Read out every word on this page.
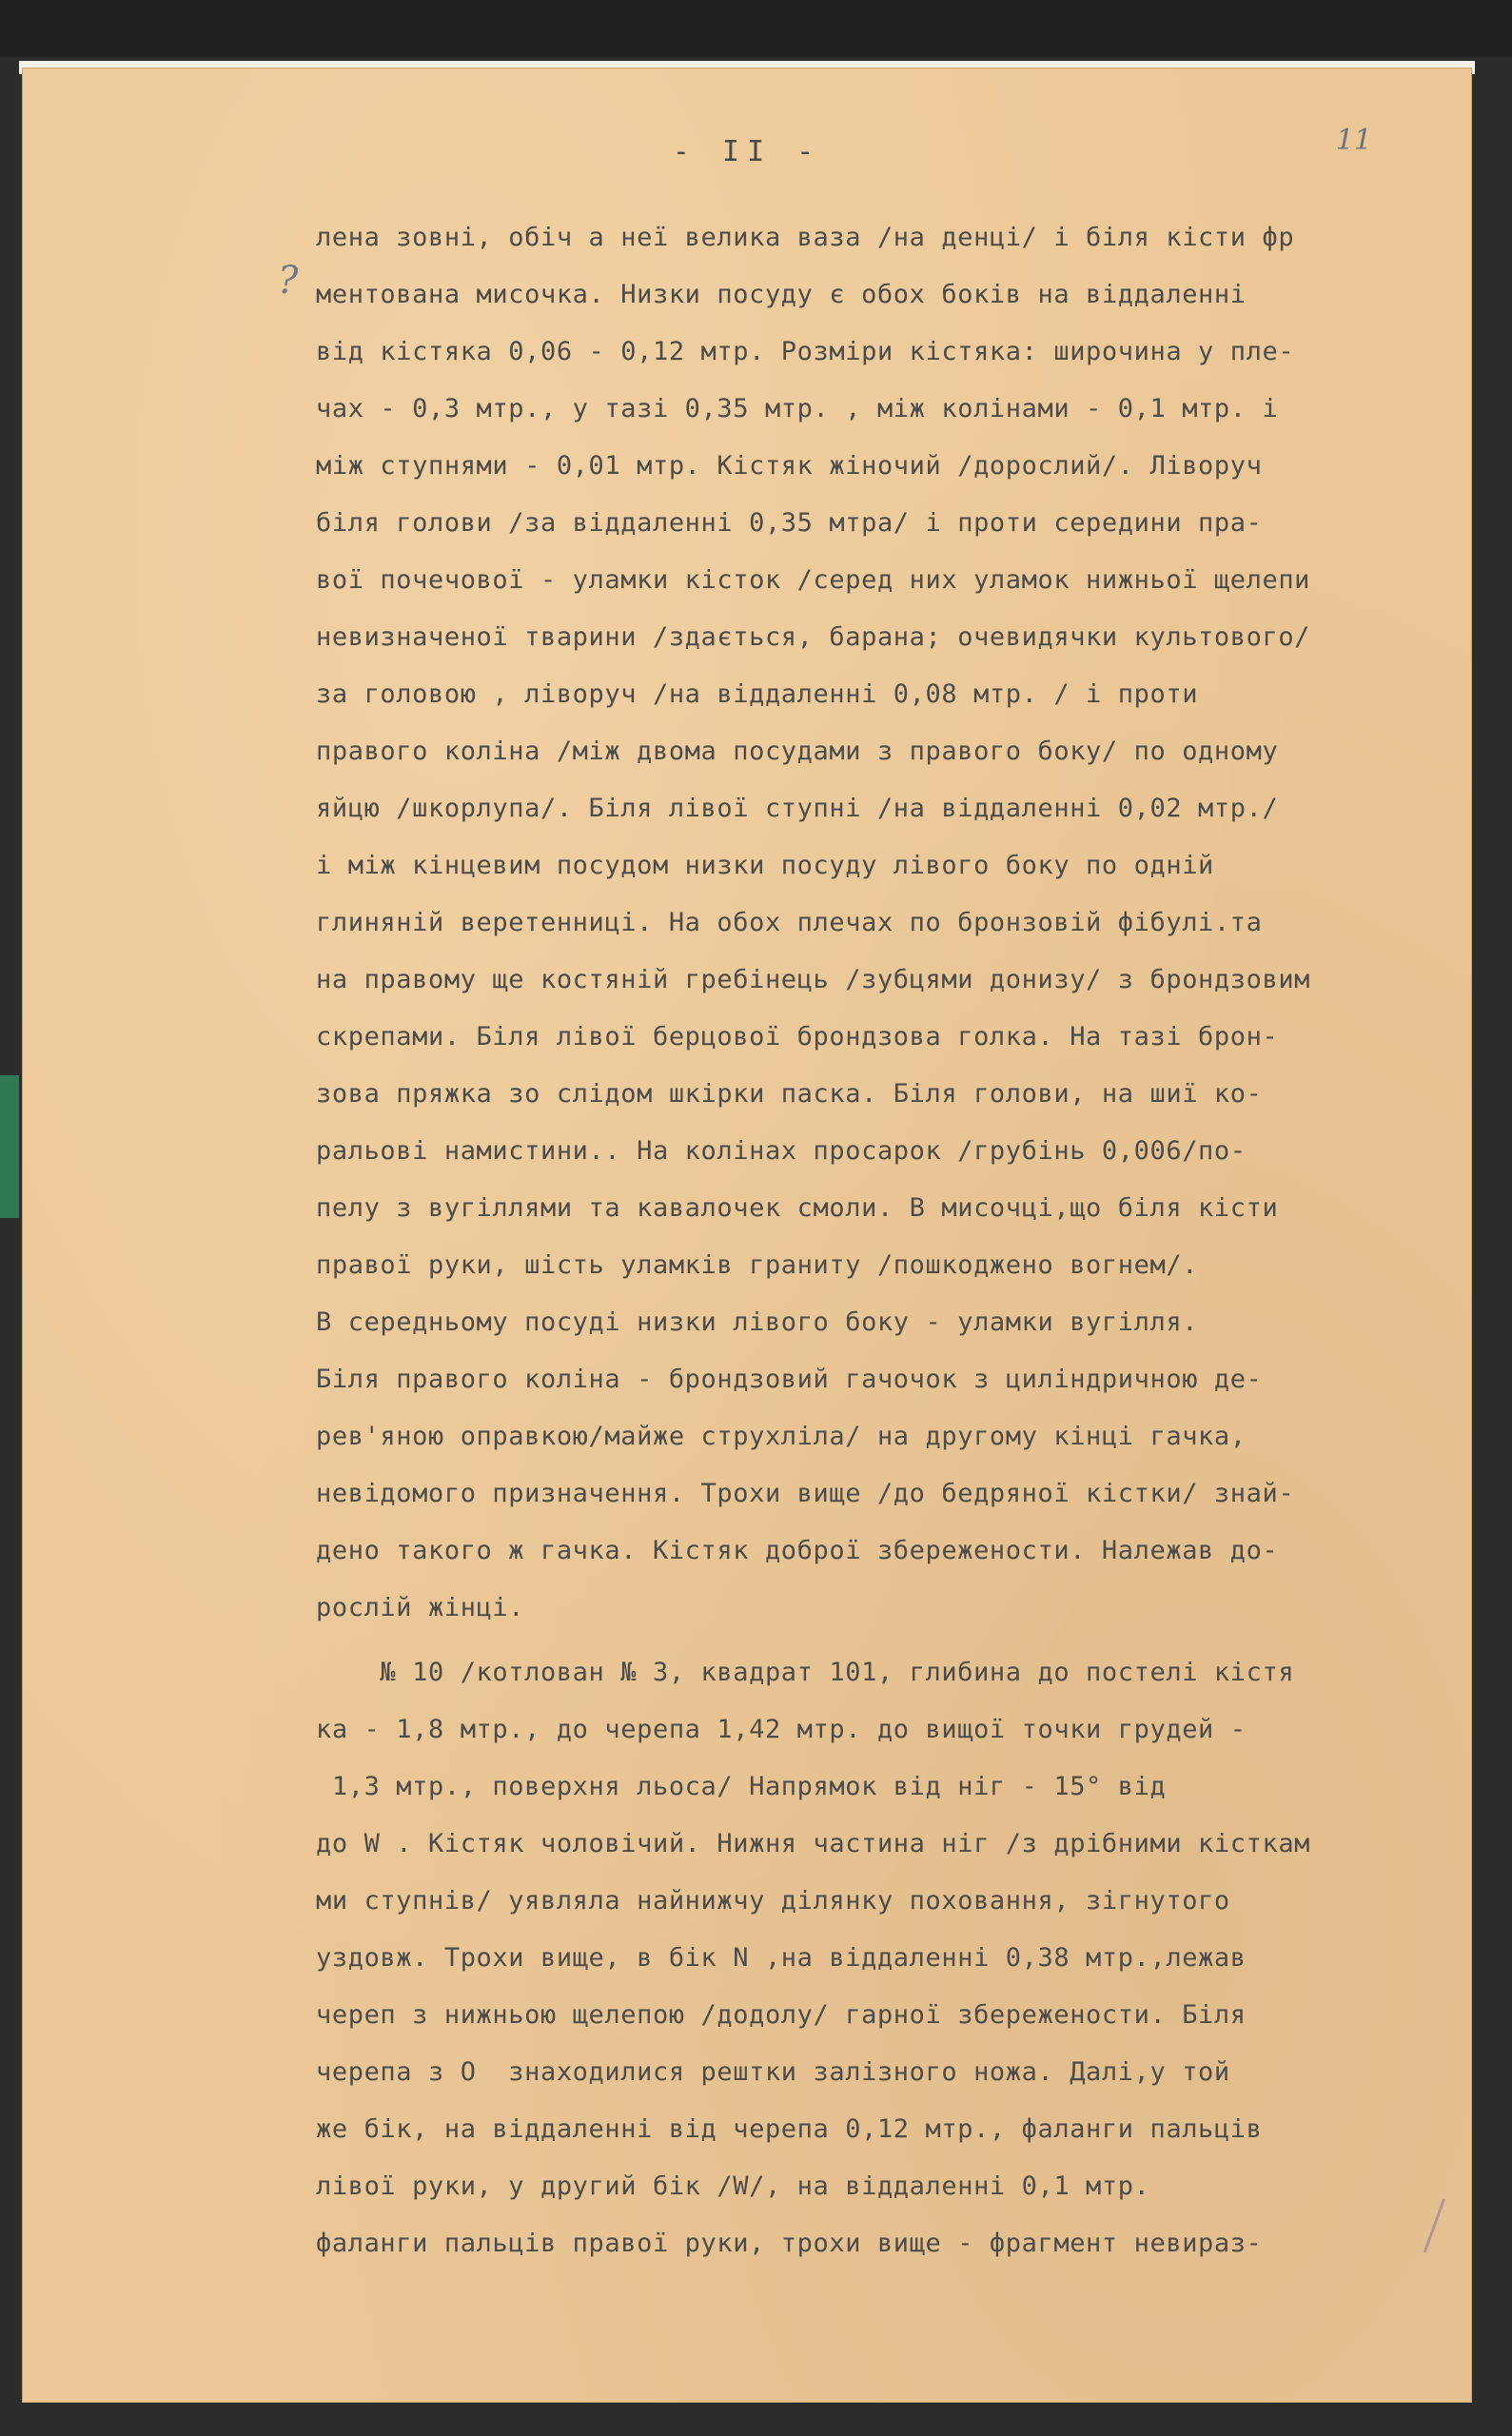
- II -	11
лена зовні, обіч а неї велика ваза /на денці/ і біля кісти фр
ментована мисочка. Низки посуду є обох боків на віддаленні
від кістяка 0,06 - 0,12 мтр. Розміри кістяка: широчина у пле-
чах - 0,3 мтр., у тазі 0,35 мтр. , між колінами - 0,1 мтр. і
між ступнями - 0,01 мтр. Кістяк жіночий /дорослий/. Ліворуч
біля голови /за віддаленні 0,35 мтра/ і проти середини пра-
вої почечової - уламки кісток /серед них уламок нижньої щелепи
невизначеної тварини /здається, барана; очевидячки культового/
за головою , ліворуч /на віддаленні 0,08 мтр. / і проти
правого коліна /між двома посудами з правого боку/ по одному
яйцю /шкорлупа/. Біля лівої ступні /на віддаленні 0,02 мтр./
і між кінцевим посудом низки посуду лівого боку по одній
глиняній веретенниці. На обох плечах по бронзовій фібулі.та
на правому ще костяній гребінець /зубцями донизу/ з брондзовим
скрепами. Біля лівої берцової брондзова голка. На тазі брон-
зова пряжка зо слідом шкірки паска. Біля голови, на шиї ко-
ральові намистини.. На колінах просарок /грубінь 0,006/по-
пелу з вугіллями та кавалочек смоли. В мисочці,що біля кісти
правої руки, шість уламків граниту /пошкоджено вогнем/.
В середньому посуді низки лівого боку - уламки вугілля.
Біля правого коліна - брондзовий гачочок з циліндричною де-
рев'яною оправкою/майже струхліла/ на другому кінці гачка,
невідомого призначення. Трохи вище /до бедряної кістки/ знай-
дено такого ж гачка. Кістяк доброї збережености. Належав до-
рослій жінці.
№ 10 /котлован № 3, квадрат 101, глибина до постелі кістя
ка - 1,8 мтр., до черепа 1,42 мтр. до вищої точки грудей -
1,3 мтр., поверхня льоса/ Напрямок від ніг - 15° від
до W . Кістяк чоловічий. Нижня частина ніг /з дрібними кісткам
ми ступнів/ уявляла найнижчу ділянку поховання, зігнутого
уздовж. Трохи вище, в бік N ,на віддаленні 0,38 мтр.,лежав
череп з нижньою щелепою /додолу/ гарної збережености. Біля
черепа з O  знаходилися рештки залізного ножа. Далі,у той
же бік, на віддаленні від черепа 0,12 мтр., фаланги пальців
лівої руки, у другий бік /W/, на віддаленні 0,1 мтр.
фаланги пальців правої руки, трохи вище - фрагмент невираз-
?
